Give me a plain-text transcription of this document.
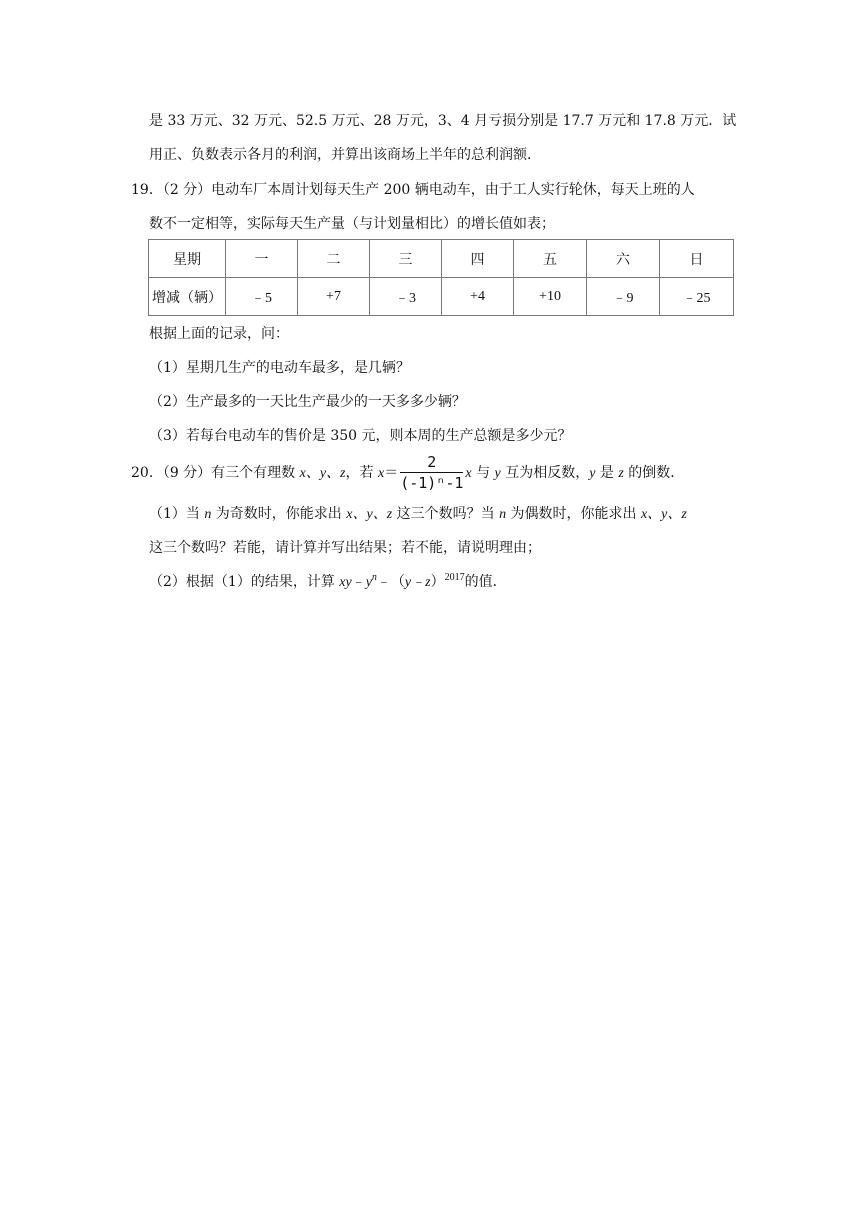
是 33 万元、32 万元、52.5 万元、28 万元，3、4 月亏损分别是 17.7 万元和 17.8 万元．试
用正、负数表示各月的利润，并算出该商场上半年的总利润额．
19．（2 分）电动车厂本周计划每天生产 200 辆电动车，由于工人实行轮休，每天上班的人
数不一定相等，实际每天生产量（与计划量相比）的增长值如表；
星期	一	二	三	四	五	六	日
增减（辆）	﹣5	+7	﹣3	+4	+10	﹣9	﹣25
根据上面的记录，问：
（1）星期几生产的电动车最多，是几辆？
（2）生产最多的一天比生产最少的一天多多少辆？
（3）若每台电动车的售价是 350 元，则本周的生产总额是多少元？
20．（9 分）有三个有理数 x、y、z，若 $x= \frac{2}{\text{(-1)ⁿ-1}}$ x 与 y 互为相反数，y 是 z 的倒数．
（1）当 n 为奇数时，你能求出 x、y、z 这三个数吗？当 n 为偶数时，你能求出 x、y、z
这三个数吗？若能，请计算并写出结果；若不能，请说明理由；
（2）根据（1）的结果，计算 $xy﹣y^n﹣(y﹣z)^{2017}$的值．
